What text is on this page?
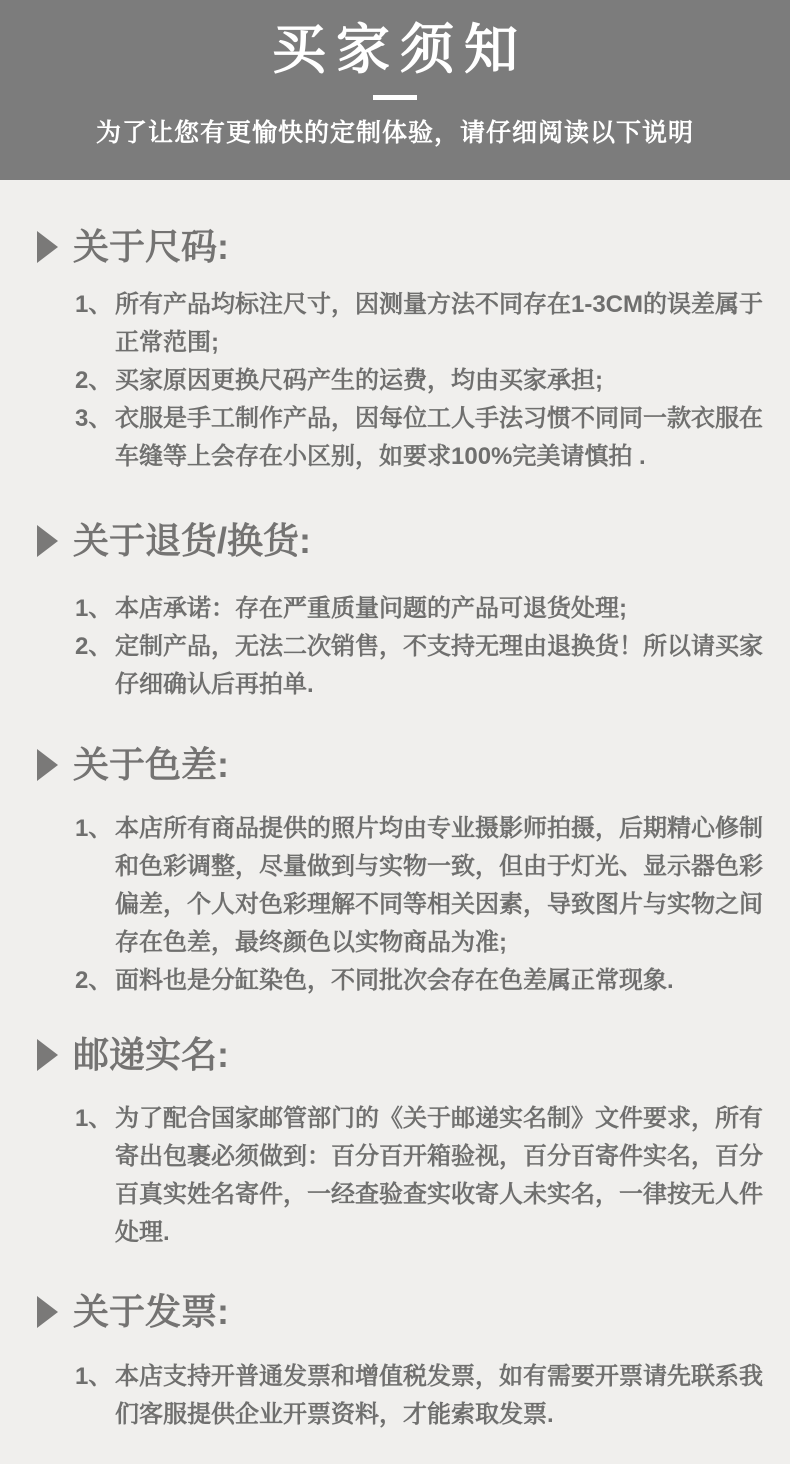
买家须知
为了让您有更愉快的定制体验，请仔细阅读以下说明
关于尺码:
1、 所有产品均标注尺寸，因测量方法不同存在1-3CM的误差属于正常范围;
2、 买家原因更换尺码产生的运费，均由买家承担;
3、 衣服是手工制作产品，因每位工人手法习惯不同同一款衣服在车缝等上会存在小区别，如要求100%完美请慎拍 .
关于退货/换货:
1、 本店承诺：存在严重质量问题的产品可退货处理;
2、 定制产品，无法二次销售，不支持无理由退换货！所以请买家仔细确认后再拍单.
关于色差:
1、 本店所有商品提供的照片均由专业摄影师拍摄，后期精心修制和色彩调整，尽量做到与实物一致，但由于灯光、显示器色彩偏差，个人对色彩理解不同等相关因素，导致图片与实物之间存在色差，最终颜色以实物商品为准;
2、 面料也是分缸染色，不同批次会存在色差属正常现象.
邮递实名:
1、 为了配合国家邮管部门的《关于邮递实名制》文件要求，所有寄出包裹必须做到：百分百开箱验视，百分百寄件实名，百分百真实姓名寄件，一经查验查实收寄人未实名，一律按无人件处理.
关于发票:
1、 本店支持开普通发票和增值税发票，如有需要开票请先联系我们客服提供企业开票资料，才能索取发票.
